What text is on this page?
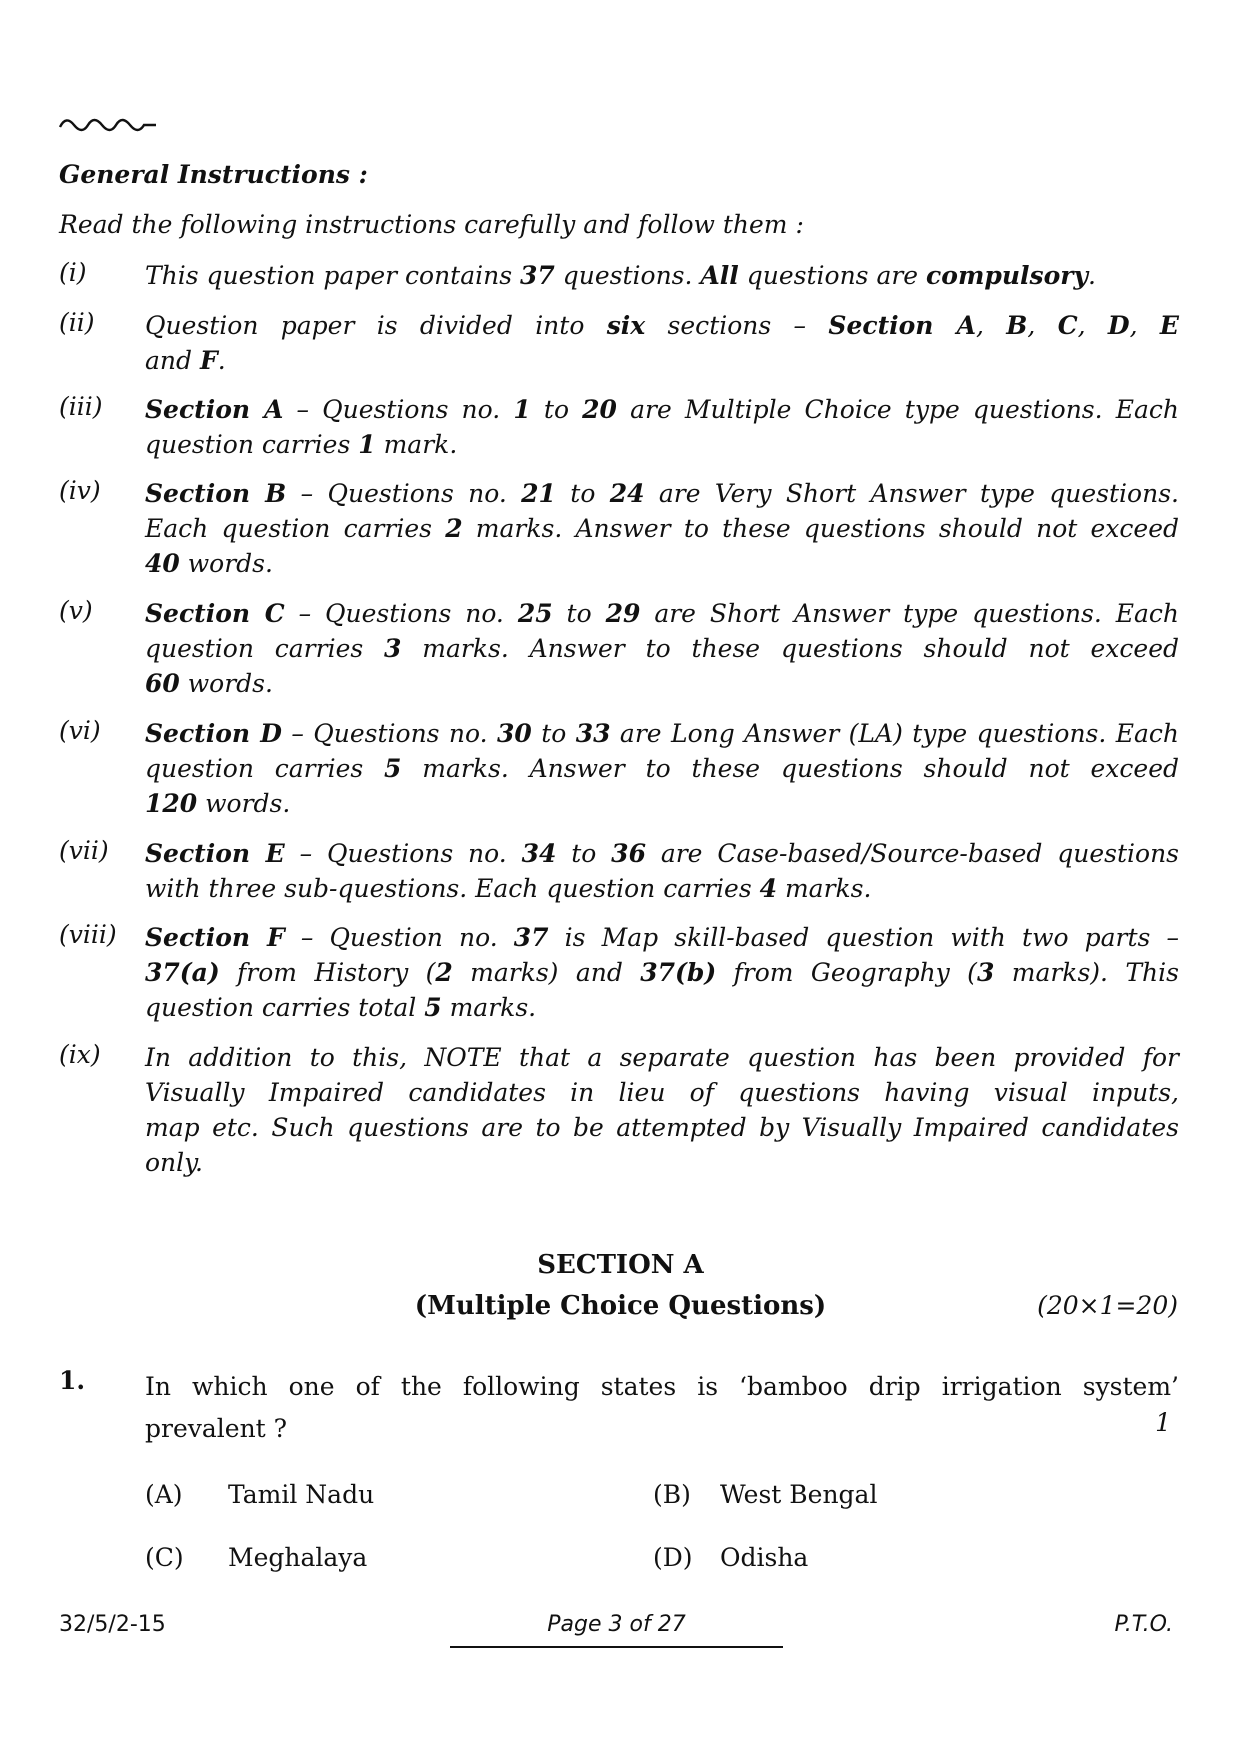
General Instructions :
Read the following instructions carefully and follow them :
(i) This question paper contains 37 questions. All questions are compulsory.
(ii) Question paper is divided into six sections – Section A, B, C, D, E
and F.
(iii) Section A – Questions no. 1 to 20 are Multiple Choice type questions. Each
question carries 1 mark.
(iv) Section B – Questions no. 21 to 24 are Very Short Answer type questions.
Each question carries 2 marks. Answer to these questions should not exceed
40 words.
(v) Section C – Questions no. 25 to 29 are Short Answer type questions. Each
question carries 3 marks. Answer to these questions should not exceed
60 words.
(vi) Section D – Questions no. 30 to 33 are Long Answer (LA) type questions. Each
question carries 5 marks. Answer to these questions should not exceed
120 words.
(vii) Section E – Questions no. 34 to 36 are Case-based/Source-based questions
with three sub-questions. Each question carries 4 marks.
(viii) Section F – Question no. 37 is Map skill-based question with two parts –
37(a) from History (2 marks) and 37(b) from Geography (3 marks). This
question carries total 5 marks.
(ix) In addition to this, NOTE that a separate question has been provided for
Visually Impaired candidates in lieu of questions having visual inputs,
map etc. Such questions are to be attempted by Visually Impaired candidates
only.
SECTION A
(Multiple Choice Questions)	(20×1=20)
1. In which one of the following states is ‘bamboo drip irrigation system’
prevalent ?	1
(A) Tamil Nadu	(B) West Bengal
(C) Meghalaya	(D) Odisha
32/5/2-15	Page 3 of 27	P.T.O.
